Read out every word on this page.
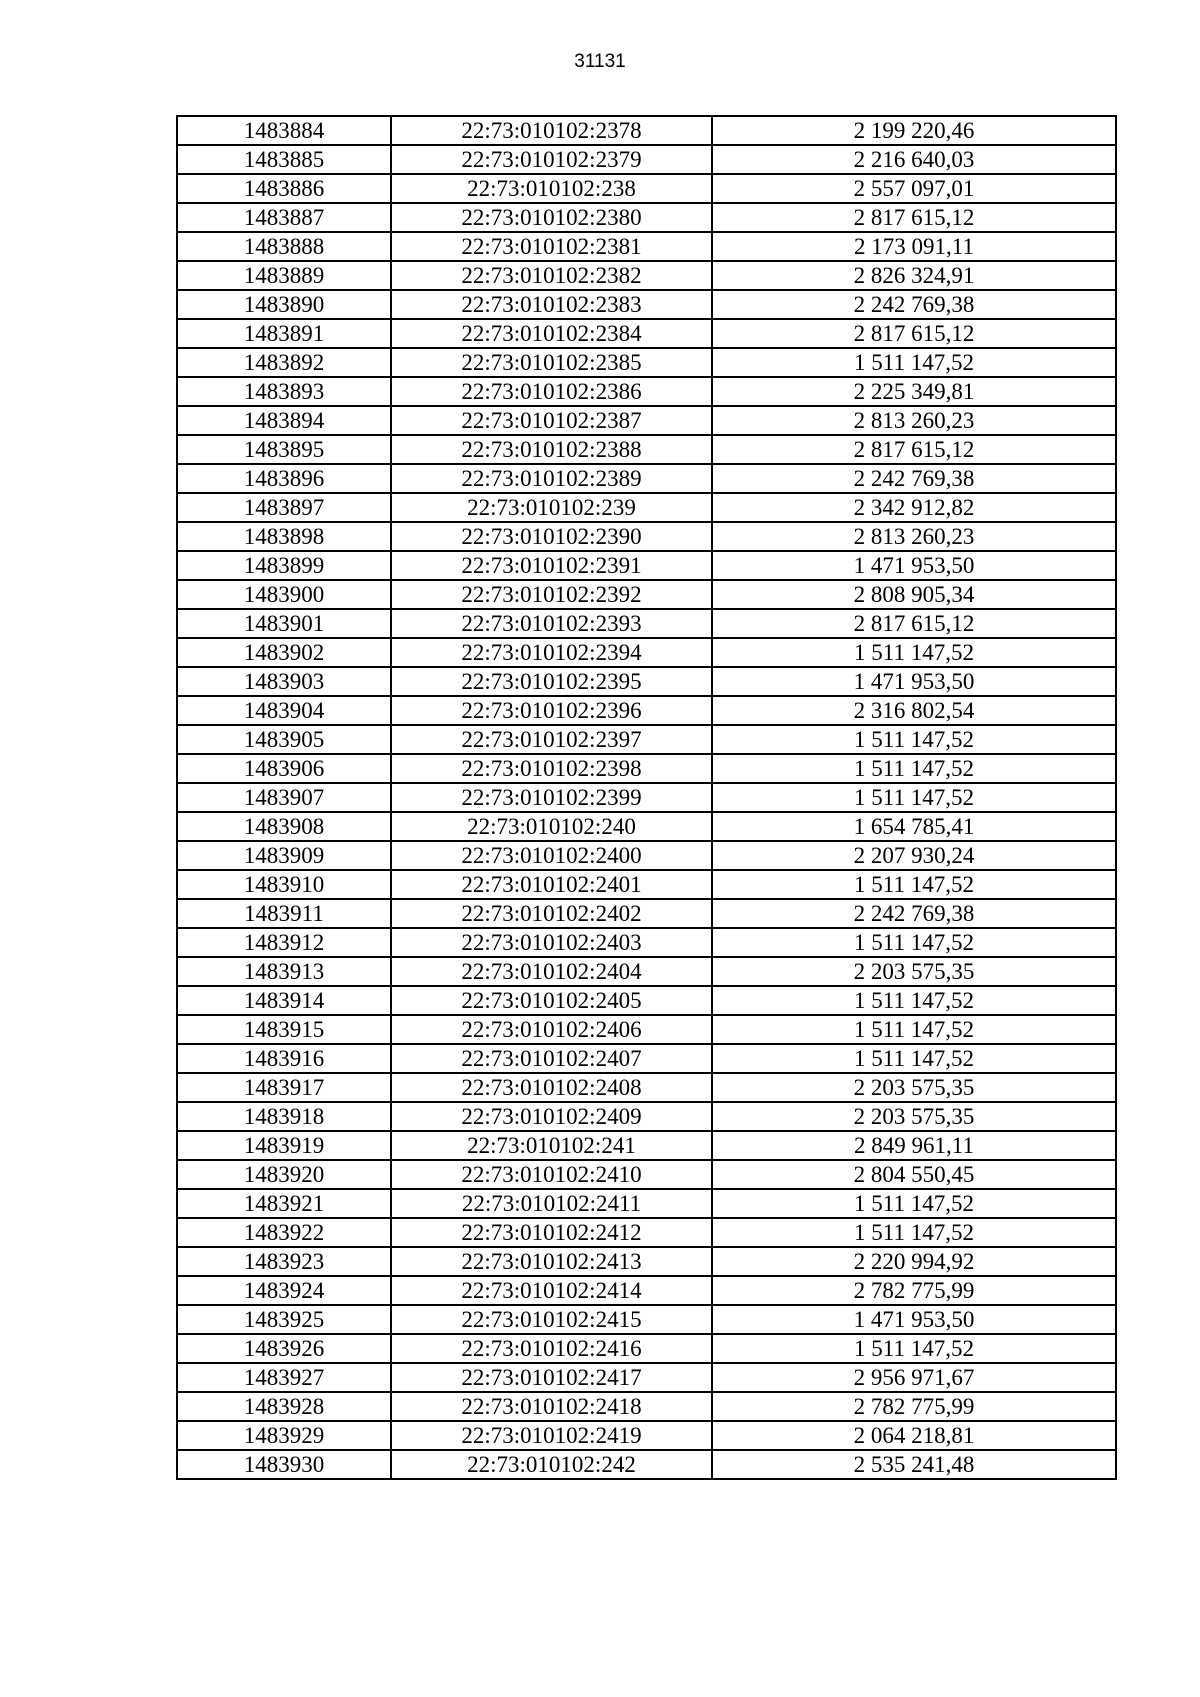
31131
1483884	22:73:010102:2378	2 199 220,46
1483885	22:73:010102:2379	2 216 640,03
1483886	22:73:010102:238	2 557 097,01
1483887	22:73:010102:2380	2 817 615,12
1483888	22:73:010102:2381	2 173 091,11
1483889	22:73:010102:2382	2 826 324,91
1483890	22:73:010102:2383	2 242 769,38
1483891	22:73:010102:2384	2 817 615,12
1483892	22:73:010102:2385	1 511 147,52
1483893	22:73:010102:2386	2 225 349,81
1483894	22:73:010102:2387	2 813 260,23
1483895	22:73:010102:2388	2 817 615,12
1483896	22:73:010102:2389	2 242 769,38
1483897	22:73:010102:239	2 342 912,82
1483898	22:73:010102:2390	2 813 260,23
1483899	22:73:010102:2391	1 471 953,50
1483900	22:73:010102:2392	2 808 905,34
1483901	22:73:010102:2393	2 817 615,12
1483902	22:73:010102:2394	1 511 147,52
1483903	22:73:010102:2395	1 471 953,50
1483904	22:73:010102:2396	2 316 802,54
1483905	22:73:010102:2397	1 511 147,52
1483906	22:73:010102:2398	1 511 147,52
1483907	22:73:010102:2399	1 511 147,52
1483908	22:73:010102:240	1 654 785,41
1483909	22:73:010102:2400	2 207 930,24
1483910	22:73:010102:2401	1 511 147,52
1483911	22:73:010102:2402	2 242 769,38
1483912	22:73:010102:2403	1 511 147,52
1483913	22:73:010102:2404	2 203 575,35
1483914	22:73:010102:2405	1 511 147,52
1483915	22:73:010102:2406	1 511 147,52
1483916	22:73:010102:2407	1 511 147,52
1483917	22:73:010102:2408	2 203 575,35
1483918	22:73:010102:2409	2 203 575,35
1483919	22:73:010102:241	2 849 961,11
1483920	22:73:010102:2410	2 804 550,45
1483921	22:73:010102:2411	1 511 147,52
1483922	22:73:010102:2412	1 511 147,52
1483923	22:73:010102:2413	2 220 994,92
1483924	22:73:010102:2414	2 782 775,99
1483925	22:73:010102:2415	1 471 953,50
1483926	22:73:010102:2416	1 511 147,52
1483927	22:73:010102:2417	2 956 971,67
1483928	22:73:010102:2418	2 782 775,99
1483929	22:73:010102:2419	2 064 218,81
1483930	22:73:010102:242	2 535 241,48
